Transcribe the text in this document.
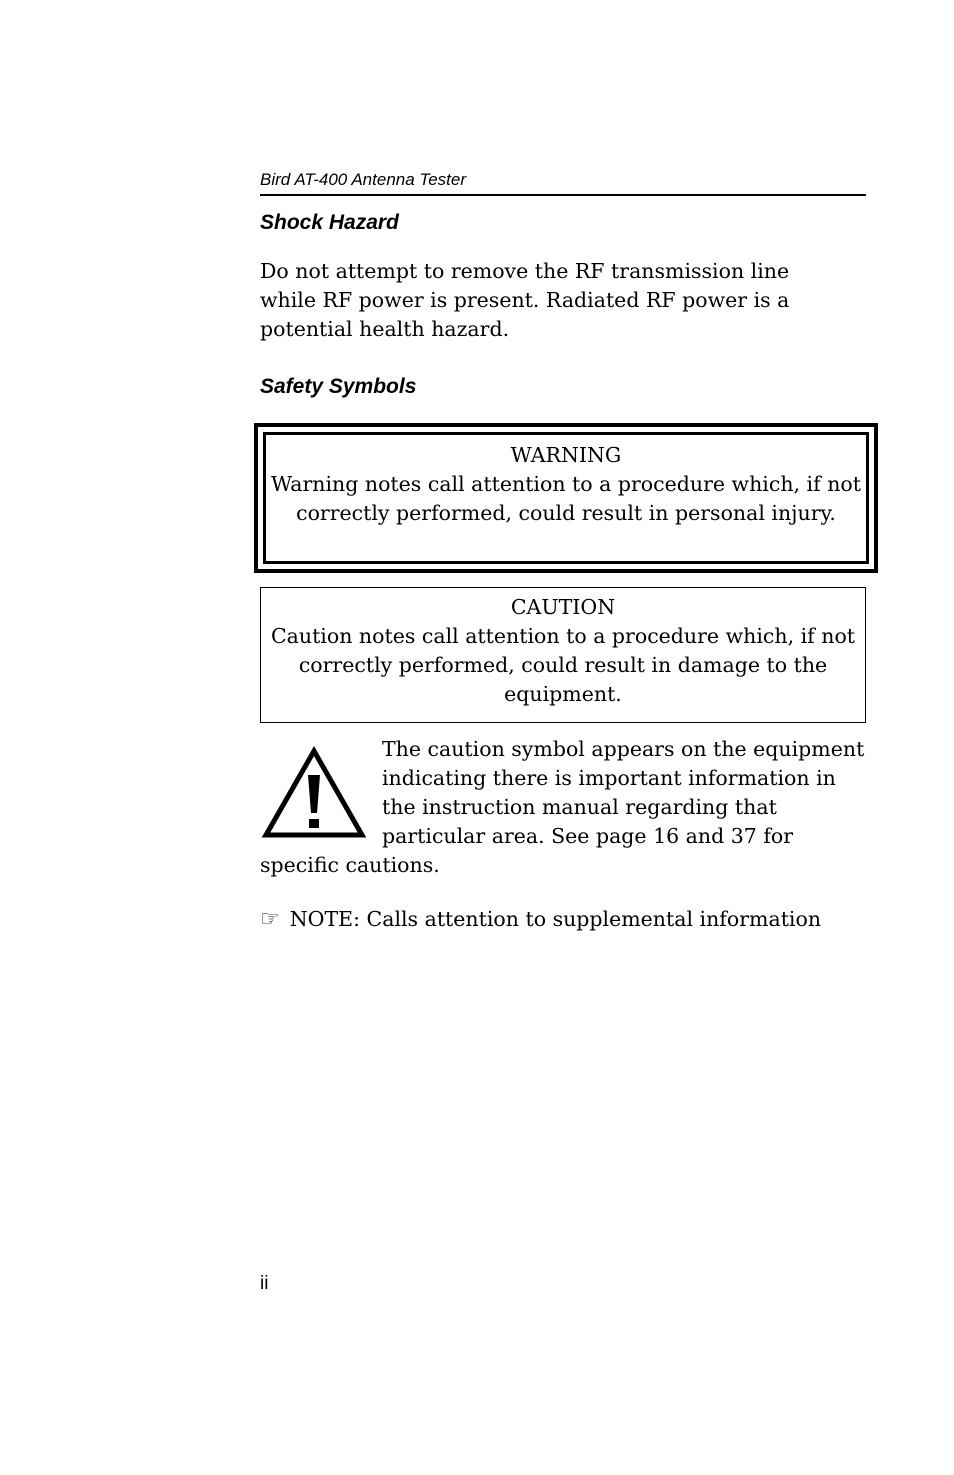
Bird AT-400 Antenna Tester
Shock Hazard

Do not attempt to remove the RF transmission line while RF power is present. Radiated RF power is a potential health hazard.

Safety Symbols
WARNING
Warning notes call attention to a procedure which, if not correctly performed, could result in personal injury.
CAUTION
Caution notes call attention to a procedure which, if not correctly performed, could result in damage to the equipment.

The caution symbol appears on the equipment indicating there is important information in the instruction manual regarding that particular area. See page 16 and 37 for specific cautions.

☞ NOTE: Calls attention to supplemental information

ii
